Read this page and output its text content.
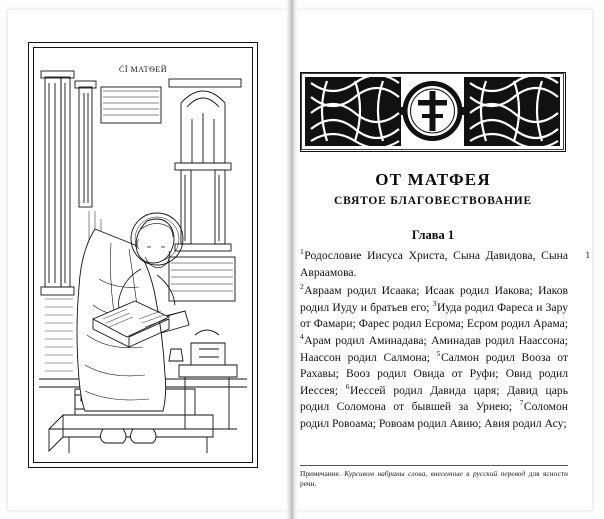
ĆĪ МАТѲЕЙ
ОТ МАТФЕЯ
СВЯТОЕ БЛАГОВЕСТВОВАНИЕ
Глава 1
1

$^1$Родословие Иисуса Христа, Сына Давидова, Сына Авраамова.

$^2$Авраам родил Исаака; Исаак родил Иакова; Иаков родил Иуду и братьев его; $^3$Иуда родил Фареса и Зару от Фамари; Фарес родил Есрома; Есром родил Арама; $^4$Арам родил Аминадава; Аминадав родил Наассона; Наассон родил Салмона; $^5$Салмон родил Вооза от Рахавы; Вооз родил Овида от Руфи; Овид родил Иессея; $^6$Иессей родил Давида царя; Давид царь родил Соломона от бывшей за Уриею; $^7$Соломон родил Ровоама; Ровоам родил Авию; Авия родил Асу;

Примечание. Курсивом набраны слова, внесенные в русский перевод для ясности речи.
